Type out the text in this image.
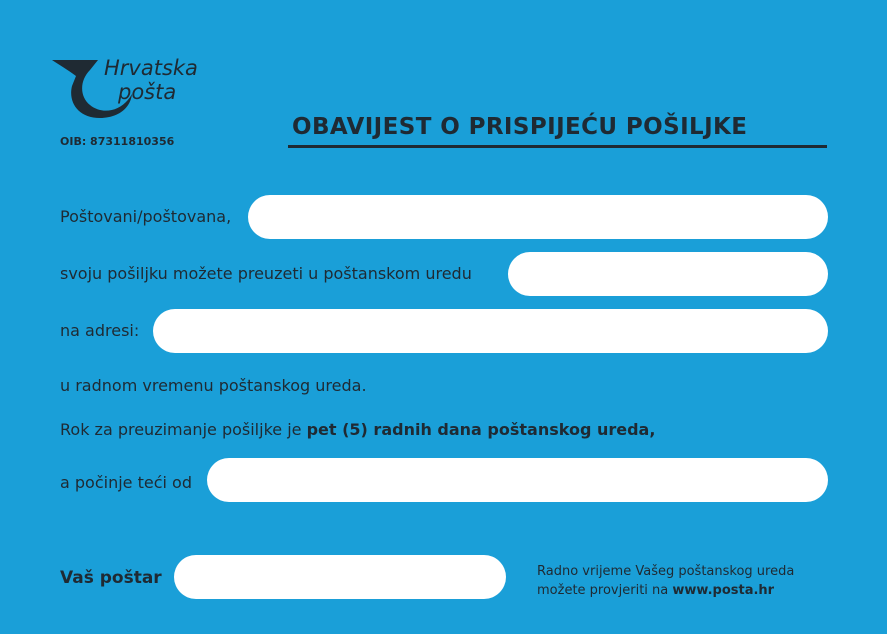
Hrvatska
pošta
OIB: 87311810356
OBAVIJEST O PRISPIJEĆU POŠILJKE
Poštovani/poštovana,
svoju pošiljku možete preuzeti u poštanskom uredu
na adresi:
u radnom vremenu poštanskog ureda.
Rok za preuzimanje pošiljke je pet (5) radnih dana poštanskog ureda,
a počinje teći od
Vaš poštar	Radno vrijeme Vašeg poštanskog ureda
možete provjeriti na www.posta.hr
